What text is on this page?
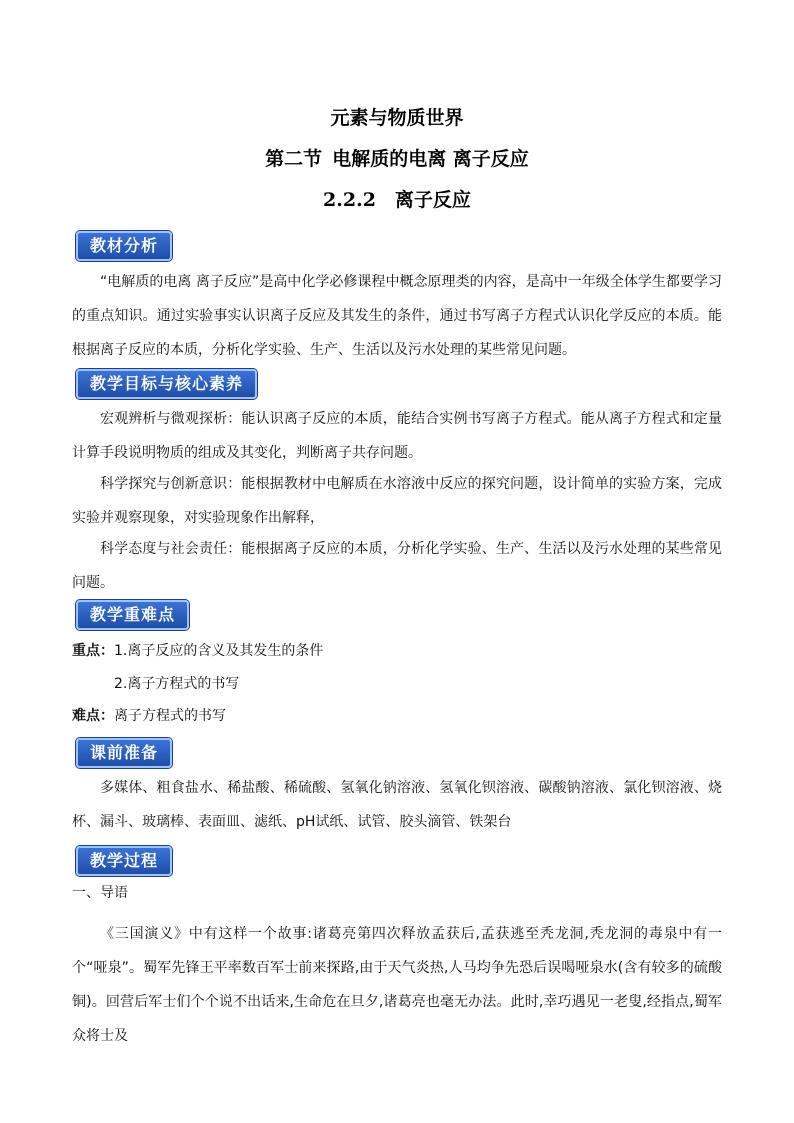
元素与物质世界
第二节 电解质的电离 离子反应
2.2.2　离子反应
教材分析

“电解质的电离 离子反应”是高中化学必修课程中概念原理类的内容，是高中一年级全体学生都要学习的重点知识。通过实验事实认识离子反应及其发生的条件，通过书写离子方程式认识化学反应的本质。能根据离子反应的本质，分析化学实验、生产、生活以及污水处理的某些常见问题。

教学目标与核心素养

宏观辨析与微观探析：能认识离子反应的本质，能结合实例书写离子方程式。能从离子方程式和定量计算手段说明物质的组成及其变化，判断离子共存问题。

科学探究与创新意识：能根据教材中电解质在水溶液中反应的探究问题，设计简单的实验方案，完成实验并观察现象，对实验现象作出解释，

科学态度与社会责任：能根据离子反应的本质，分析化学实验、生产、生活以及污水处理的某些常见问题。

教学重难点
重点：1.离子反应的含义及其发生的条件
2.离子方程式的书写
难点：离子方程式的书写
课前准备

多媒体、粗食盐水、稀盐酸、稀硫酸、氢氧化钠溶液、氢氧化钡溶液、碳酸钠溶液、氯化钡溶液、烧杯、漏斗、玻璃棒、表面皿、滤纸、pH试纸、试管、胶头滴管、铁架台

教学过程
一、导语

《三国演义》中有这样一个故事:诸葛亮第四次释放孟获后,孟获逃至秃龙洞,秃龙洞的毒泉中有一个“哑泉”。蜀军先锋王平率数百军士前来探路,由于天气炎热,人马均争先恐后误喝哑泉水(含有较多的硫酸铜)。回营后军士们个个说不出话来,生命危在旦夕,诸葛亮也毫无办法。此时,幸巧遇见一老叟,经指点,蜀军众将士及
